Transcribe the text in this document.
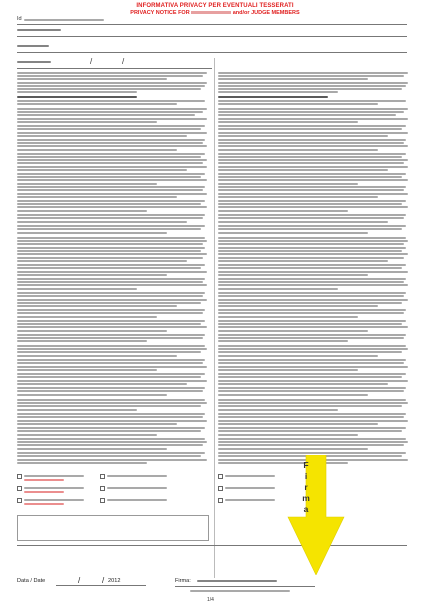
INFORMATIVA PRIVACY PER EVENTUALI TESSERATI
PRIVACY NOTICE FOR	and/or JUDGE MEMBERS
Id
/	/
F
i
r
m
a
Data / Date	/	/ 2012	Firma:
1/4
